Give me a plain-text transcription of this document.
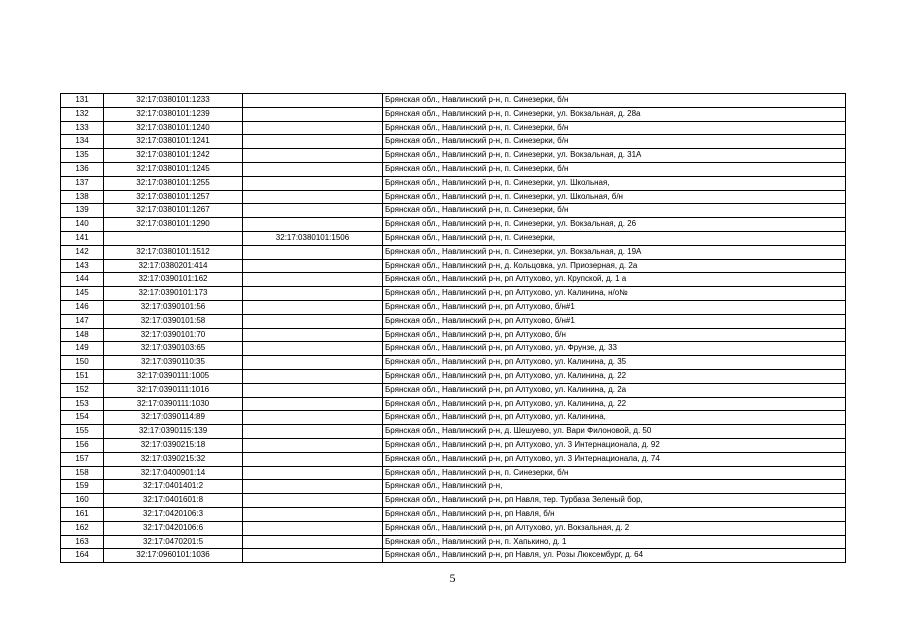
131	32:17:0380101:1233		Брянская обл., Навлинский р-н, п. Синезерки, б/н
132	32:17:0380101:1239		Брянская обл., Навлинский р-н, п. Синезерки, ул. Вокзальная, д. 28а
133	32:17:0380101:1240		Брянская обл., Навлинский р-н, п. Синезерки, б/н
134	32:17:0380101:1241		Брянская обл., Навлинский р-н, п. Синезерки, б/н
135	32:17:0380101:1242		Брянская обл., Навлинский р-н, п. Синезерки, ул. Вокзальная, д. 31А
136	32:17:0380101:1245		Брянская обл., Навлинский р-н, п. Синезерки, б/н
137	32:17:0380101:1255		Брянская обл., Навлинский р-н, п. Синезерки, ул. Школьная,
138	32:17:0380101:1257		Брянская обл., Навлинский р-н, п. Синезерки, ул. Школьная, б/н
139	32:17:0380101:1267		Брянская обл., Навлинский р-н, п. Синезерки, б/н
140	32:17:0380101:1290		Брянская обл., Навлинский р-н, п. Синезерки, ул. Вокзальная, д. 26
141		32:17:0380101:1506	Брянская обл., Навлинский р-н, п. Синезерки,
142	32:17:0380101:1512		Брянская обл., Навлинский р-н, п. Синезерки, ул. Вокзальная, д. 19А
143	32:17:0380201:414		Брянская обл., Навлинский р-н, д. Кольцовка, ул. Приозерная, д. 2а
144	32:17:0390101:162		Брянская обл., Навлинский р-н, рп Алтухово, ул. Крупской, д. 1 а
145	32:17:0390101:173		Брянская обл., Навлинский р-н, рп Алтухово, ул. Калинина, н/о№
146	32:17:0390101:56		Брянская обл., Навлинский р-н, рп Алтухово, б/н#1
147	32:17:0390101:58		Брянская обл., Навлинский р-н, рп Алтухово, б/н#1
148	32:17:0390101:70		Брянская обл., Навлинский р-н, рп Алтухово, б/н
149	32:17:0390103:65		Брянская обл., Навлинский р-н, рп Алтухово, ул. Фрунзе, д. 33
150	32:17:0390110:35		Брянская обл., Навлинский р-н, рп Алтухово, ул. Калинина, д. 35
151	32:17:0390111:1005		Брянская обл., Навлинский р-н, рп Алтухово, ул. Калинина, д. 22
152	32:17:0390111:1016		Брянская обл., Навлинский р-н, рп Алтухово, ул. Калинина, д. 2а
153	32:17:0390111:1030		Брянская обл., Навлинский р-н, рп Алтухово, ул. Калинина, д. 22
154	32:17:0390114:89		Брянская обл., Навлинский р-н, рп Алтухово, ул. Калинина,
155	32:17:0390115:139		Брянская обл., Навлинский р-н, д. Шешуево, ул. Вари Филоновой, д. 50
156	32:17:0390215:18		Брянская обл., Навлинский р-н, рп Алтухово, ул. 3 Интернационала, д. 92
157	32:17:0390215:32		Брянская обл., Навлинский р-н, рп Алтухово, ул. 3 Интернационала, д. 74
158	32:17:0400901:14		Брянская обл., Навлинский р-н, п. Синезерки, б/н
159	32:17:0401401:2		Брянская обл., Навлинский р-н,
160	32:17:0401601:8		Брянская обл., Навлинский р-н, рп Навля, тер. Турбаза Зеленый бор,
161	32:17:0420106:3		Брянская обл., Навлинский р-н, рп Навля, б/н
162	32:17:0420106:6		Брянская обл., Навлинский р-н, рп Алтухово, ул. Вокзальная, д. 2
163	32:17:0470201:5		Брянская обл., Навлинский р-н, п. Хапькино, д. 1
164	32:17:0960101:1036		Брянская обл., Навлинский р-н, рп Навля, ул. Розы Люксембург, д. 64
5
